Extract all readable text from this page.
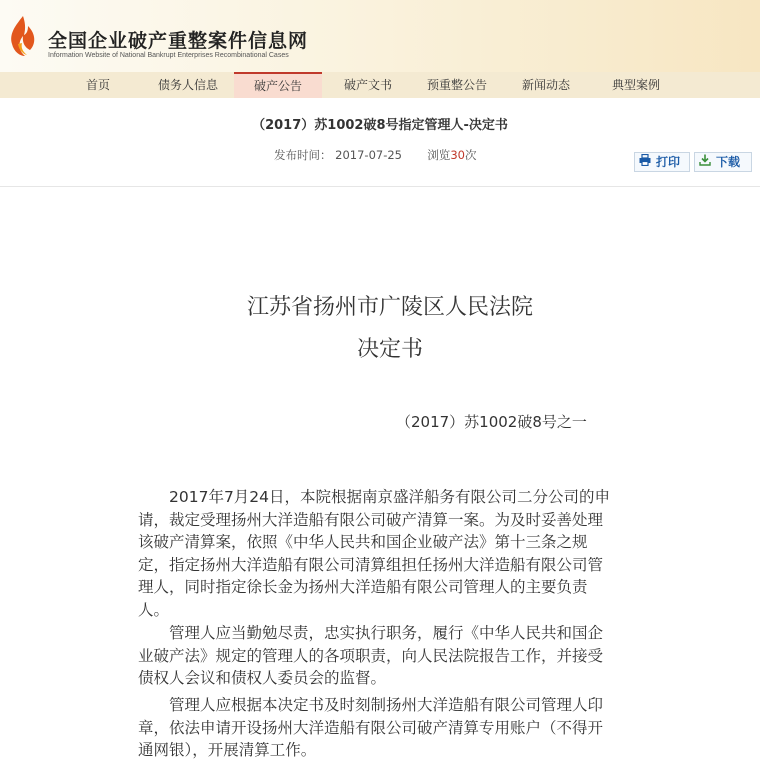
全国企业破产重整案件信息网
Information Website of National Bankrupt Enterprises Recombinational Cases
首页	债务人信息	破产公告	破产文书	预重整公告	新闻动态	典型案例
（2017）苏1002破8号指定管理人-决定书
发布时间： 2017-07-25 浏览30次	打印	下载
江苏省扬州市广陵区人民法院
决定书
（2017）苏1002破8号之一
2017年7月24日，本院根据南京盛洋船务有限公司二分公司的申请，裁定受理扬州大洋造船有限公司破产清算一案。为及时妥善处理该破产清算案，依照《中华人民共和国企业破产法》第十三条之规定，指定扬州大洋造船有限公司清算组担任扬州大洋造船有限公司管理人，同时指定徐长金为扬州大洋造船有限公司管理人的主要负责人。
管理人应当勤勉尽责，忠实执行职务，履行《中华人民共和国企业破产法》规定的管理人的各项职责，向人民法院报告工作，并接受债权人会议和债权人委员会的监督。
管理人应根据本决定书及时刻制扬州大洋造船有限公司管理人印章，依法申请开设扬州大洋造船有限公司破产清算专用账户（不得开通网银），开展清算工作。
